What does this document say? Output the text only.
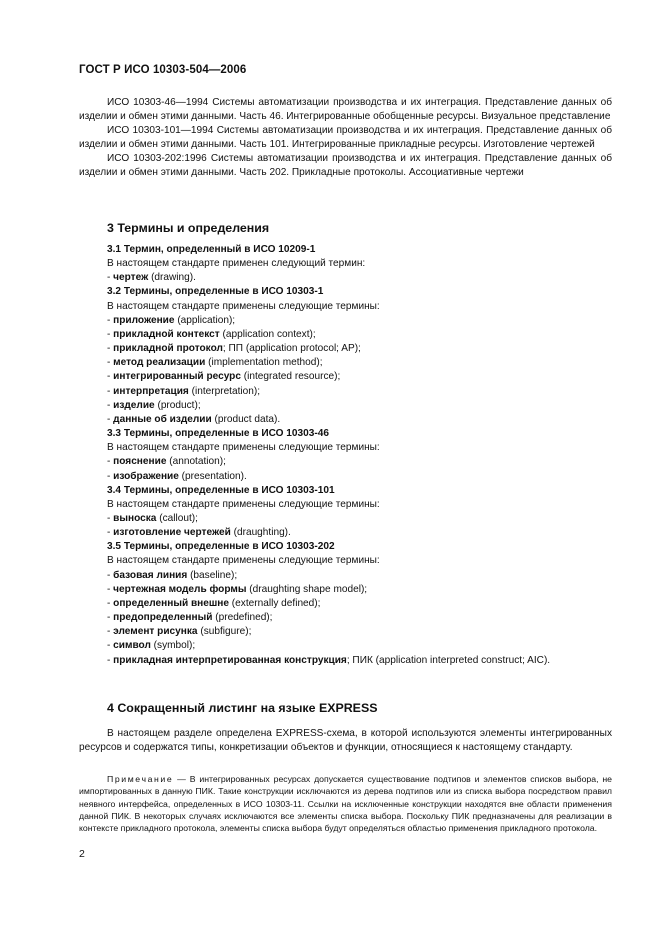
ГОСТ Р ИСО 10303-504—2006

ИСО 10303-46—1994 Системы автоматизации производства и их интеграция. Представление данных об изделии и обмен этими данными. Часть 46. Интегрированные обобщенные ресурсы. Визуальное представление

ИСО 10303-101—1994 Системы автоматизации производства и их интеграция. Представление данных об изделии и обмен этими данными. Часть 101. Интегрированные прикладные ресурсы. Изготовление чертежей

ИСО 10303-202:1996 Системы автоматизации производства и их интеграция. Представление данных об изделии и обмен этими данными. Часть 202. Прикладные протоколы. Ассоциативные чертежи

3 Термины и определения
3.1 Термин, определенный в ИСО 10209-1
В настоящем стандарте применен следующий термин:
- чертеж (drawing).
3.2 Термины, определенные в ИСО 10303-1
В настоящем стандарте применены следующие термины:
- приложение (application);
- прикладной контекст (application context);
- прикладной протокол; ПП (application protocol; AP);
- метод реализации (implementation method);
- интегрированный ресурс (integrated resource);
- интерпретация (interpretation);
- изделие (product);
- данные об изделии (product data).
3.3 Термины, определенные в ИСО 10303-46
В настоящем стандарте применены следующие термины:
- пояснение (annotation);
- изображение (presentation).
3.4 Термины, определенные в ИСО 10303-101
В настоящем стандарте применены следующие термины:
- выноска (callout);
- изготовление чертежей (draughting).
3.5 Термины, определенные в ИСО 10303-202
В настоящем стандарте применены следующие термины:
- базовая линия (baseline);
- чертежная модель формы (draughting shape model);
- определенный внешне (externally defined);
- предопределенный (predefined);
- элемент рисунка (subfigure);
- символ (symbol);
- прикладная интерпретированная конструкция; ПИК (application interpreted construct; AIC).
4 Сокращенный листинг на языке EXPRESS

В настоящем разделе определена EXPRESS-схема, в которой используются элементы интегрированных ресурсов и содержатся типы, конкретизации объектов и функции, относящиеся к настоящему стандарту.

Примечание — В интегрированных ресурсах допускается существование подтипов и элементов списков выбора, не импортированных в данную ПИК. Такие конструкции исключаются из дерева подтипов или из списка выбора посредством правил неявного интерфейса, определенных в ИСО 10303-11. Ссылки на исключенные конструкции находятся вне области применения данной ПИК. В некоторых случаях исключаются все элементы списка выбора. Поскольку ПИК предназначены для реализации в контексте прикладного протокола, элементы списка выбора будут определяться областью применения прикладного протокола.

2
